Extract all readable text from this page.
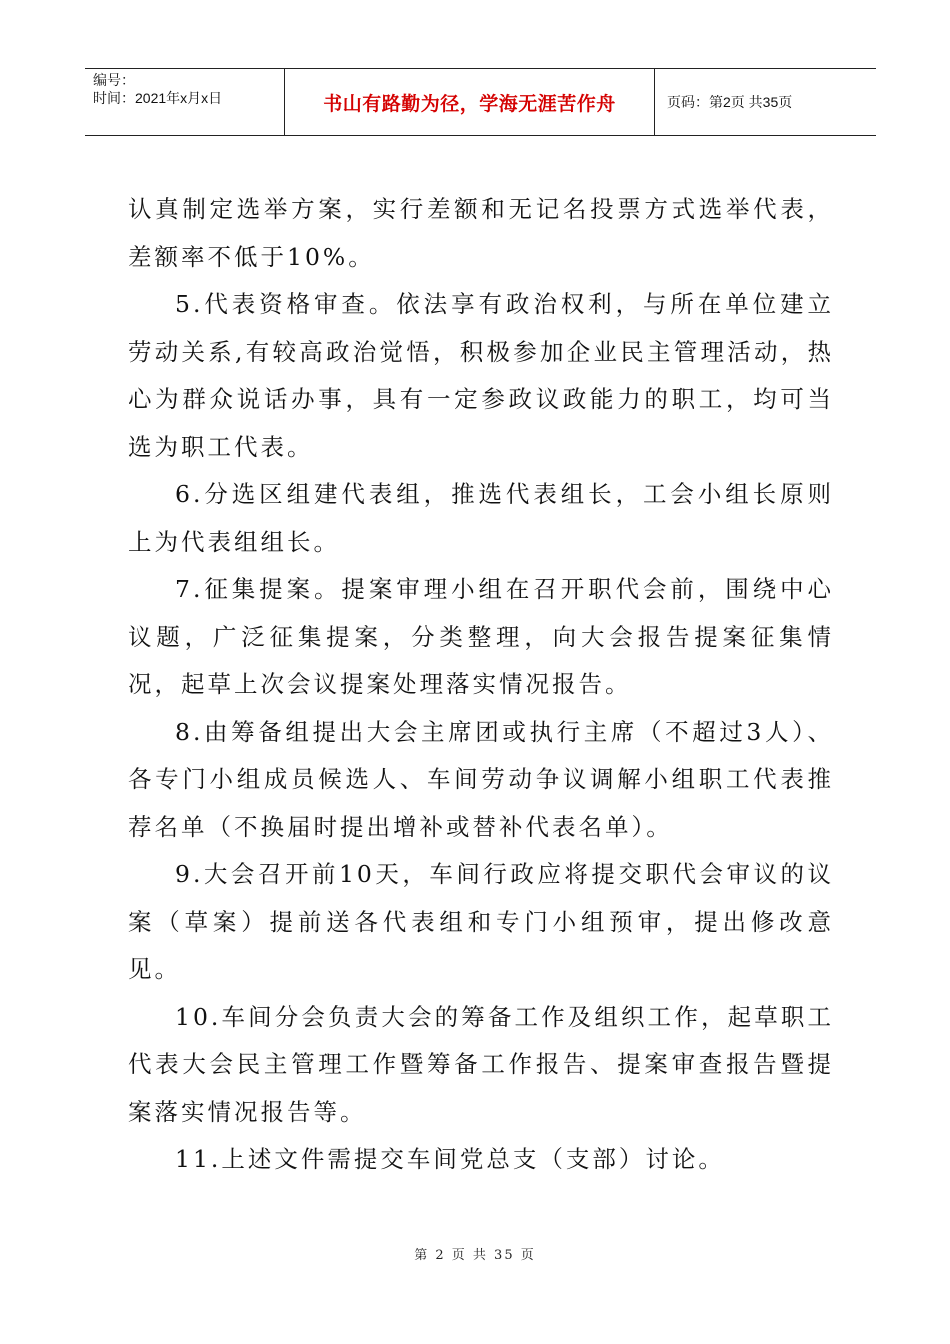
编号：
时间：2021年x月x日	书山有路勤为径，学海无涯苦作舟	页码：第2页 共35页

认真制定选举方案，实行差额和无记名投票方式选举代表，差额率不低于10%。

5.代表资格审查。依法享有政治权利，与所在单位建立劳动关系,有较高政治觉悟，积极参加企业民主管理活动，热心为群众说话办事，具有一定参政议政能力的职工，均可当选为职工代表。

6.分选区组建代表组，推选代表组长，工会小组长原则上为代表组组长。

7.征集提案。提案审理小组在召开职代会前，围绕中心议题，广泛征集提案，分类整理，向大会报告提案征集情况，起草上次会议提案处理落实情况报告。

8.由筹备组提出大会主席团或执行主席（不超过3人）、各专门小组成员候选人、车间劳动争议调解小组职工代表推荐名单（不换届时提出增补或替补代表名单）。

9.大会召开前10天，车间行政应将提交职代会审议的议案（草案）提前送各代表组和专门小组预审，提出修改意见。

10.车间分会负责大会的筹备工作及组织工作，起草职工代表大会民主管理工作暨筹备工作报告、提案审查报告暨提案落实情况报告等。

11.上述文件需提交车间党总支（支部）讨论。

第 2 页 共 35 页
